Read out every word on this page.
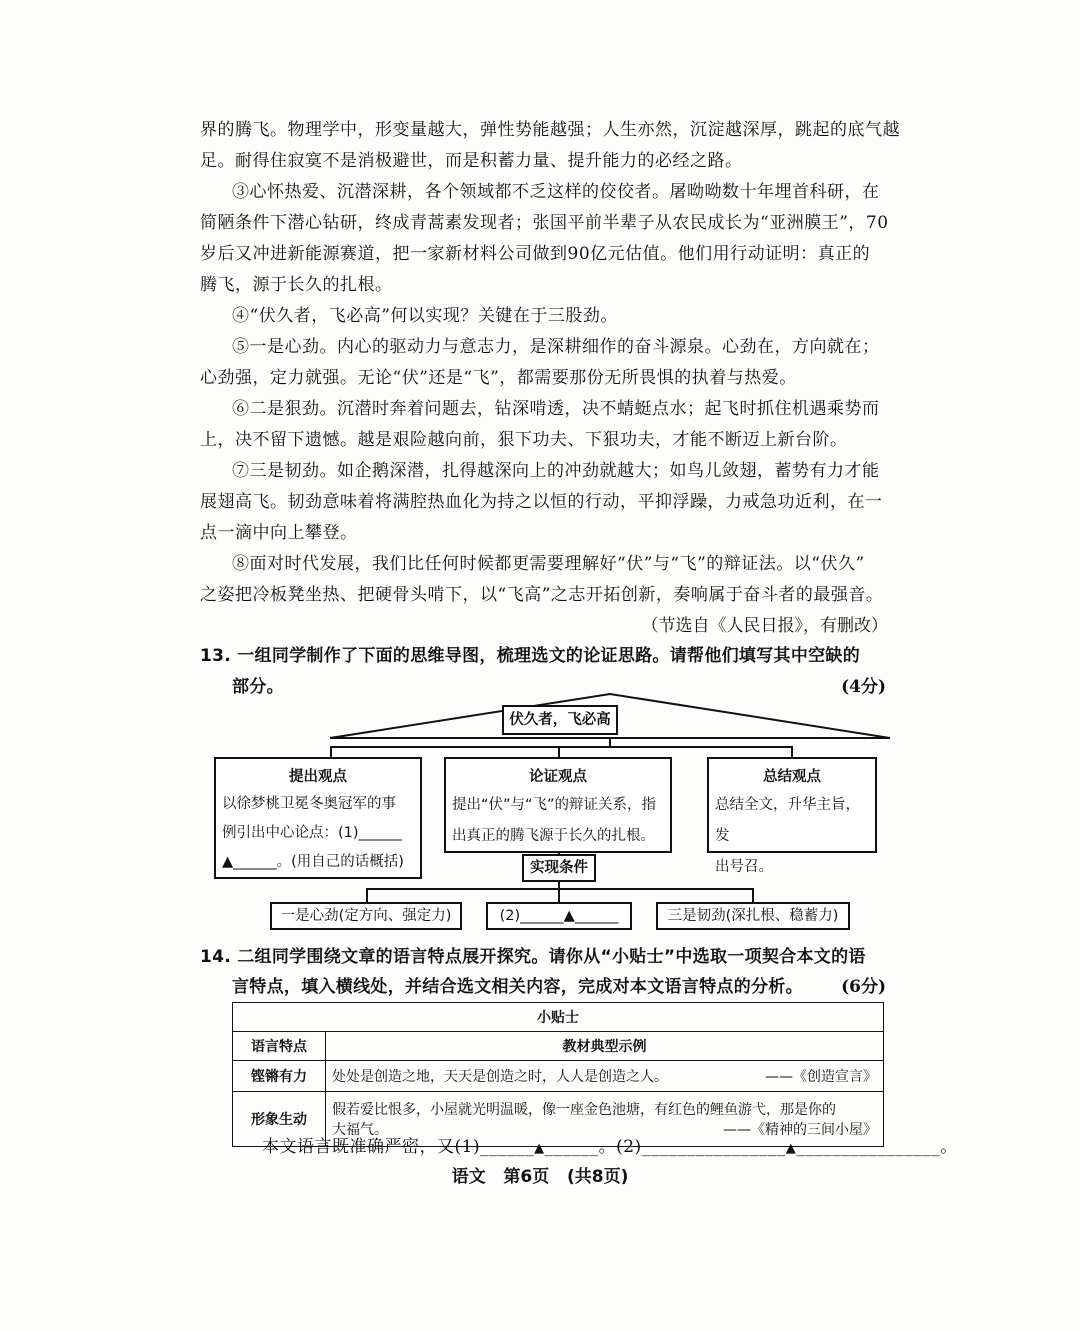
界的腾飞。物理学中，形变量越大，弹性势能越强；人生亦然，沉淀越深厚，跳起的底气越
足。耐得住寂寞不是消极避世，而是积蓄力量、提升能力的必经之路。
③心怀热爱、沉潜深耕，各个领域都不乏这样的佼佼者。屠呦呦数十年埋首科研，在
简陋条件下潜心钻研，终成青蒿素发现者；张国平前半辈子从农民成长为“亚洲膜王”，70
岁后又冲进新能源赛道，把一家新材料公司做到90亿元估值。他们用行动证明：真正的
腾飞，源于长久的扎根。
④“伏久者，飞必高”何以实现？关键在于三股劲。
⑤一是心劲。内心的驱动力与意志力，是深耕细作的奋斗源泉。心劲在，方向就在；
心劲强，定力就强。无论“伏”还是“飞”，都需要那份无所畏惧的执着与热爱。
⑥二是狠劲。沉潜时奔着问题去，钻深啃透，决不蜻蜓点水；起飞时抓住机遇乘势而
上，决不留下遗憾。越是艰险越向前，狠下功夫、下狠功夫，才能不断迈上新台阶。
⑦三是韧劲。如企鹅深潜，扎得越深向上的冲劲就越大；如鸟儿敛翅，蓄势有力才能
展翅高飞。韧劲意味着将满腔热血化为持之以恒的行动，平抑浮躁，力戒急功近利，在一
点一滴中向上攀登。
⑧面对时代发展，我们比任何时候都更需要理解好“伏”与“飞”的辩证法。以“伏久”
之姿把冷板凳坐热、把硬骨头啃下，以“飞高”之志开拓创新，奏响属于奋斗者的最强音。
（节选自《人民日报》，有删改）
13. 一组同学制作了下面的思维导图，梳理选文的论证思路。请帮他们填写其中空缺的
部分。	(4分)
伏久者，飞必高
提出观点
以徐梦桃卫冕冬奥冠军的事
例引出中心论点：(1)______
▲______。(用自己的话概括)
论证观点
提出“伏”与“飞”的辩证关系，指
出真正的腾飞源于长久的扎根。
总结观点
总结全文，升华主旨，发
出号召。
实现条件
一是心劲(定方向、强定力)	(2)______▲______	三是韧劲(深扎根、稳蓄力)
14. 二组同学围绕文章的语言特点展开探究。请你从“小贴士”中选取一项契合本文的语
言特点，填入横线处，并结合选文相关内容，完成对本文语言特点的分析。 (6分)
小贴士	
语言特点	教材典型示例
铿锵有力	处处是创造之地，天天是创造之时，人人是创造之人。 ——《创造宣言》

形象生动	假若爱比恨多，小屋就光明温暖，像一座金色池塘，有红色的鲤鱼游弋，那是你的
大福气。 ——《精神的三间小屋》
本文语言既准确严密，又(1)______▲______。(2)________________▲________________。
语文   第6页   (共8页)
